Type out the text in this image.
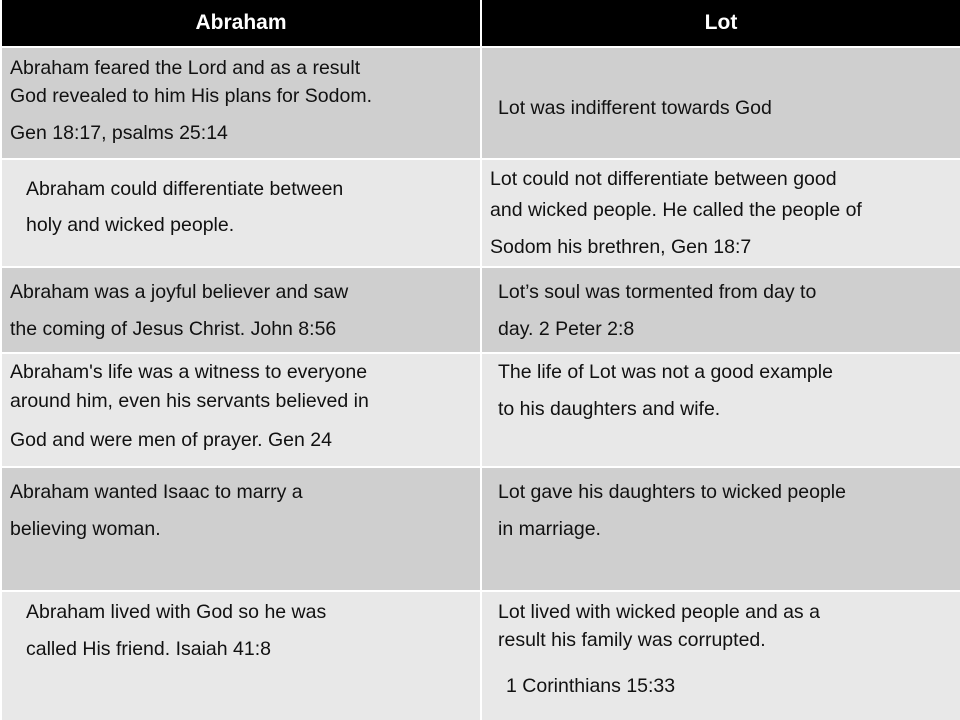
Abraham	Lot
Abraham feared the Lord and as a result
God revealed to him His plans for Sodom.
Gen 18:17, psalms 25:14
Lot was indifferent towards God
Abraham could differentiate between
holy and wicked people.
Lot could not differentiate between good
and wicked people. He called the people of
Sodom his brethren, Gen 18:7
Abraham was a joyful believer and saw
the coming of Jesus Christ. John 8:56
Lot’s soul was tormented from day to
day. 2 Peter 2:8
Abraham's life was a witness to everyone
around him, even his servants believed in
God and were men of prayer. Gen 24
The life of Lot was not a good example
to his daughters and wife.
Abraham wanted Isaac to marry a
believing woman.
Lot gave his daughters to wicked people
in marriage.
Abraham lived with God so he was
called His friend. Isaiah 41:8
Lot lived with wicked people and as a
result his family was corrupted.
1 Corinthians 15:33
